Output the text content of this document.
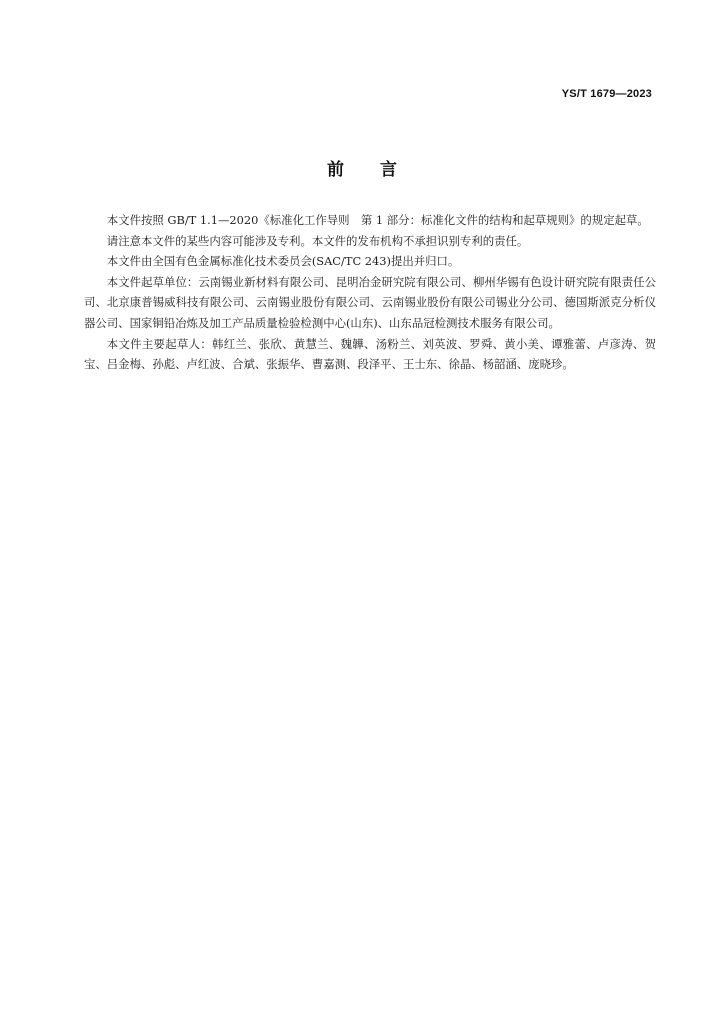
YS/T 1679—2023
前言

本文件按照 GB/T 1.1—2020《标准化工作导则　第 1 部分：标准化文件的结构和起草规则》的规定起草。

请注意本文件的某些内容可能涉及专利。本文件的发布机构不承担识别专利的责任。

本文件由全国有色金属标准化技术委员会(SAC/TC 243)提出并归口。

本文件起草单位：云南锡业新材料有限公司、昆明冶金研究院有限公司、柳州华锡有色设计研究院有限责任公司、北京康普锡威科技有限公司、云南锡业股份有限公司、云南锡业股份有限公司锡业分公司、德国斯派克分析仪器公司、国家铜铅冶炼及加工产品质量检验检测中心(山东)、山东品冠检测技术服务有限公司。

本文件主要起草人：韩红兰、张欣、黄慧兰、魏韡、汤粉兰、刘英波、罗舜、黄小美、谭雅蕾、卢彦涛、贺宝、吕金梅、孙彪、卢红波、合斌、张振华、曹嘉测、段泽平、王士东、徐晶、杨韶涵、庞晓珍。
